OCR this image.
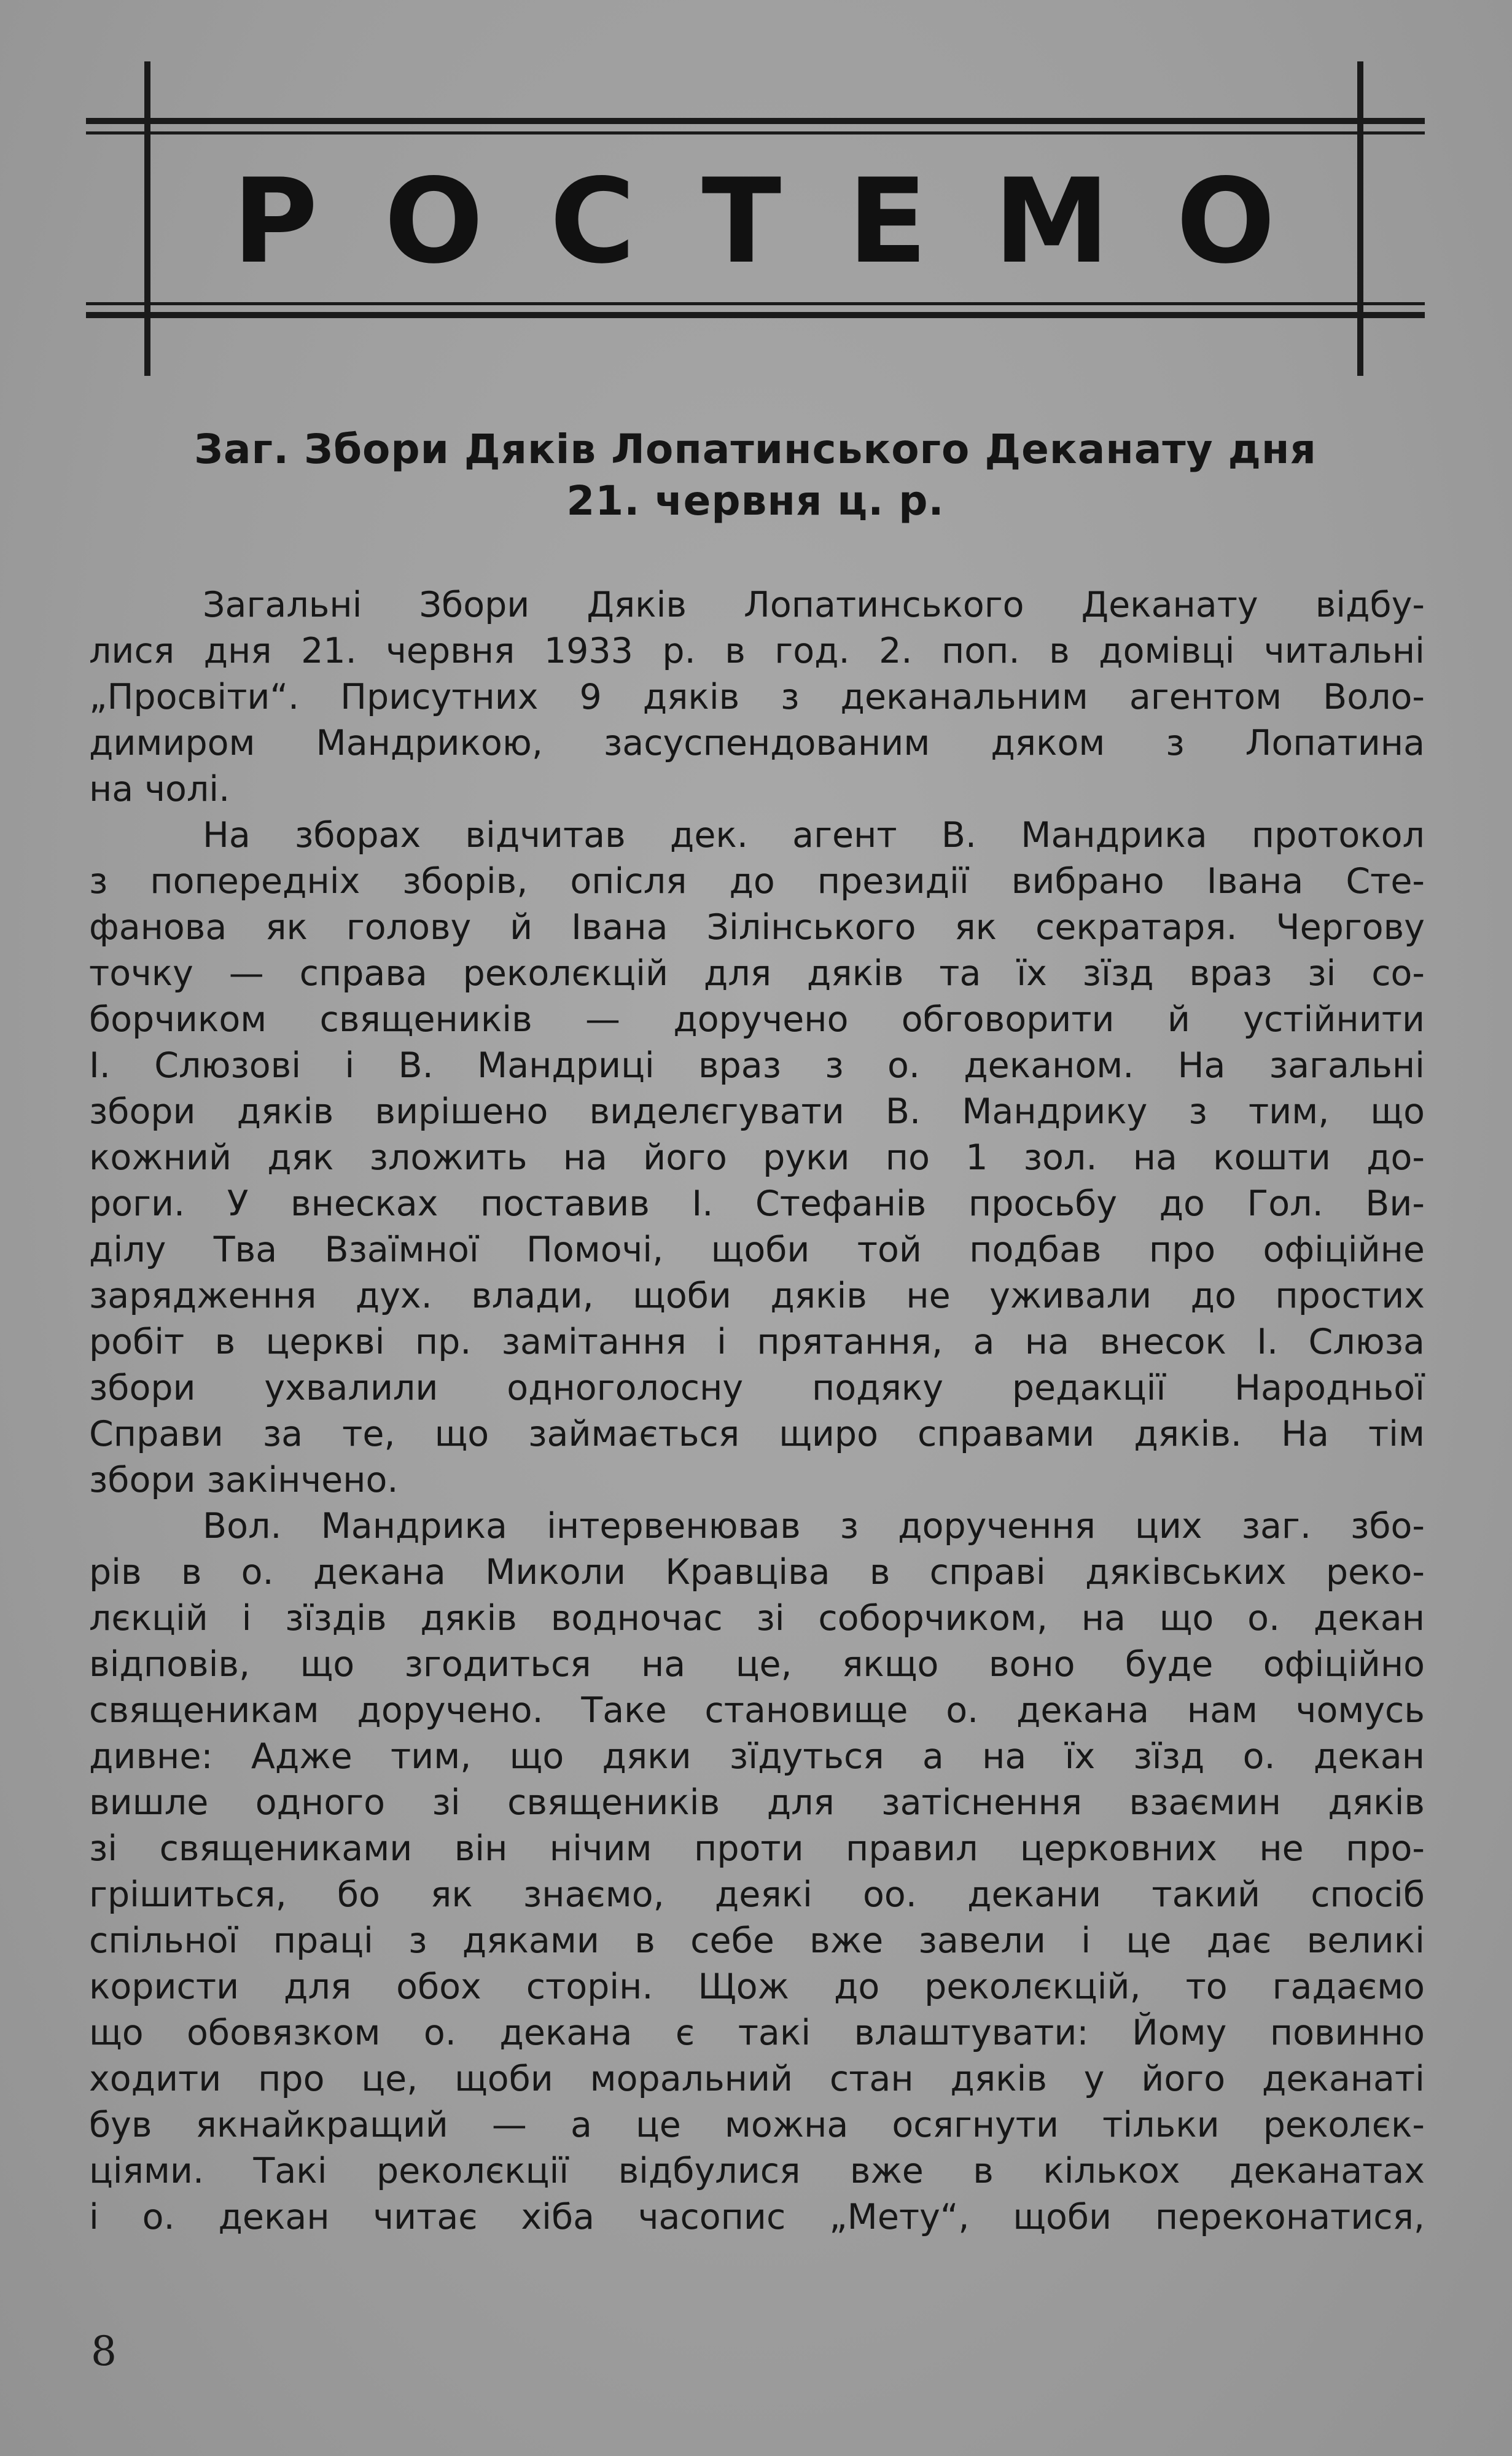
РОСТЕМО
Заг. Збори Дяків Лопатинського Деканату дня
21. червня ц. р.
Загальні Збори Дяків Лопатинського Деканату відбу-
лися дня 21. червня 1933 р. в год. 2. поп. в домівці читальні
„Просвіти“. Присутних 9 дяків з деканальним агентом Воло-
димиром Мандрикою, засуспендованим дяком з Лопатина
на чолі.
На зборах відчитав дек. агент В. Мандрика протокол
з попередніх зборів, опісля до президії вибрано Івана Сте-
фанова як голову й Івана Зілінського як секратаря. Чергову
точку — справа реколєкцій для дяків та їх зїзд враз зі со-
борчиком священиків — доручено обговорити й устійнити
І. Слюзові і В. Мандриці враз з о. деканом. На загальні
збори дяків вирішено виделєгувати В. Мандрику з тим, що
кожний дяк зложить на його руки по 1 зол. на кошти до-
роги. У внесках поставив І. Стефанів просьбу до Гол. Ви-
ділу Тва Взаїмної Помочі, щоби той подбав про офіційне
зарядження дух. влади, щоби дяків не уживали до простих
робіт в церкві пр. замітання і прятання, а на внесок І. Слюза
збори ухвалили одноголосну подяку редакції Народньої
Справи за те, що займається щиро справами дяків. На тім
збори закінчено.
Вол. Мандрика інтервенював з доручення цих заг. збо-
рів в о. декана Миколи Кравціва в справі дяківських реко-
лєкцій і зїздів дяків водночас зі соборчиком, на що о. декан
відповів, що згодиться на це, якщо воно буде офіційно
священикам доручено. Таке становище о. декана нам чомусь
дивне: Адже тим, що дяки зїдуться а на їх зїзд о. декан
вишле одного зі священиків для затіснення взаємин дяків
зі священиками він нічим проти правил церковних не про-
грішиться, бо як знаємо, деякі оо. декани такий спосіб
спільної праці з дяками в себе вже завели і це дає великі
користи для обох сторін. Щож до реколєкцій, то гадаємо
що обовязком о. декана є такі влаштувати: Йому повинно
ходити про це, щоби моральний стан дяків у його деканаті
був якнайкращий — а це можна осягнути тільки реколєк-
ціями. Такі реколєкції відбулися вже в кількох деканатах
і о. декан читає хіба часопис „Мету“, щоби переконатися,
8
